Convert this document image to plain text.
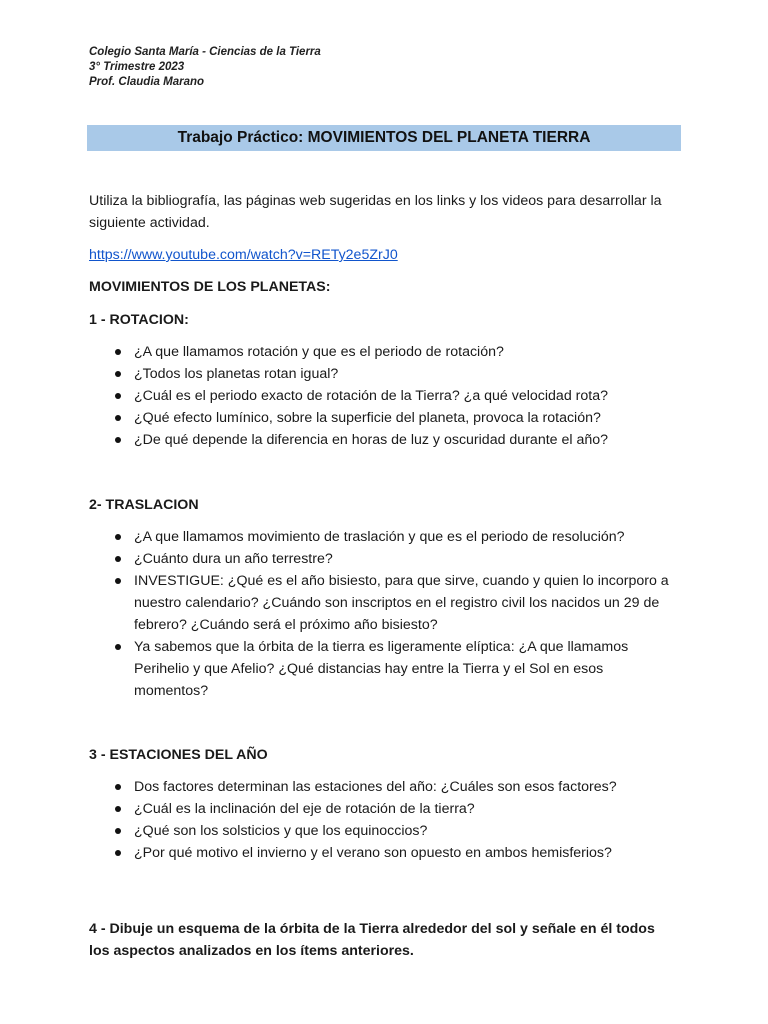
Colegio Santa María - Ciencias de la Tierra
3° Trimestre 2023
Prof. Claudia Marano
Trabajo Práctico: MOVIMIENTOS DEL PLANETA TIERRA

Utiliza la bibliografía, las páginas web sugeridas en los links y los videos para desarrollar la siguiente actividad.

https://www.youtube.com/watch?v=RETy2e5ZrJ0

MOVIMIENTOS DE LOS PLANETAS:

1 - ROTACION:

¿A que llamamos rotación y que es el periodo de rotación?
¿Todos los planetas rotan igual?
¿Cuál es el periodo exacto de rotación de la Tierra? ¿a qué velocidad rota?
¿Qué efecto lumínico, sobre la superficie del planeta, provoca la rotación?
¿De qué depende la diferencia en horas de luz y oscuridad durante el año?

2- TRASLACION

¿A que llamamos movimiento de traslación y que es el periodo de resolución?
¿Cuánto dura un año terrestre?
INVESTIGUE: ¿Qué es el año bisiesto, para que sirve, cuando y quien lo incorporo a nuestro calendario? ¿Cuándo son inscriptos en el registro civil los nacidos un 29 de febrero? ¿Cuándo será el próximo año bisiesto?
Ya sabemos que la órbita de la tierra es ligeramente elíptica: ¿A que llamamos Perihelio y que Afelio? ¿Qué distancias hay entre la Tierra y el Sol en esos momentos?

3 - ESTACIONES DEL AÑO

Dos factores determinan las estaciones del año: ¿Cuáles son esos factores?
¿Cuál es la inclinación del eje de rotación de la tierra?
¿Qué son los solsticios y que los equinoccios?
¿Por qué motivo el invierno y el verano son opuesto en ambos hemisferios?

4 - Dibuje un esquema de la órbita de la Tierra alrededor del sol y señale en él todos los aspectos analizados en los ítems anteriores.
